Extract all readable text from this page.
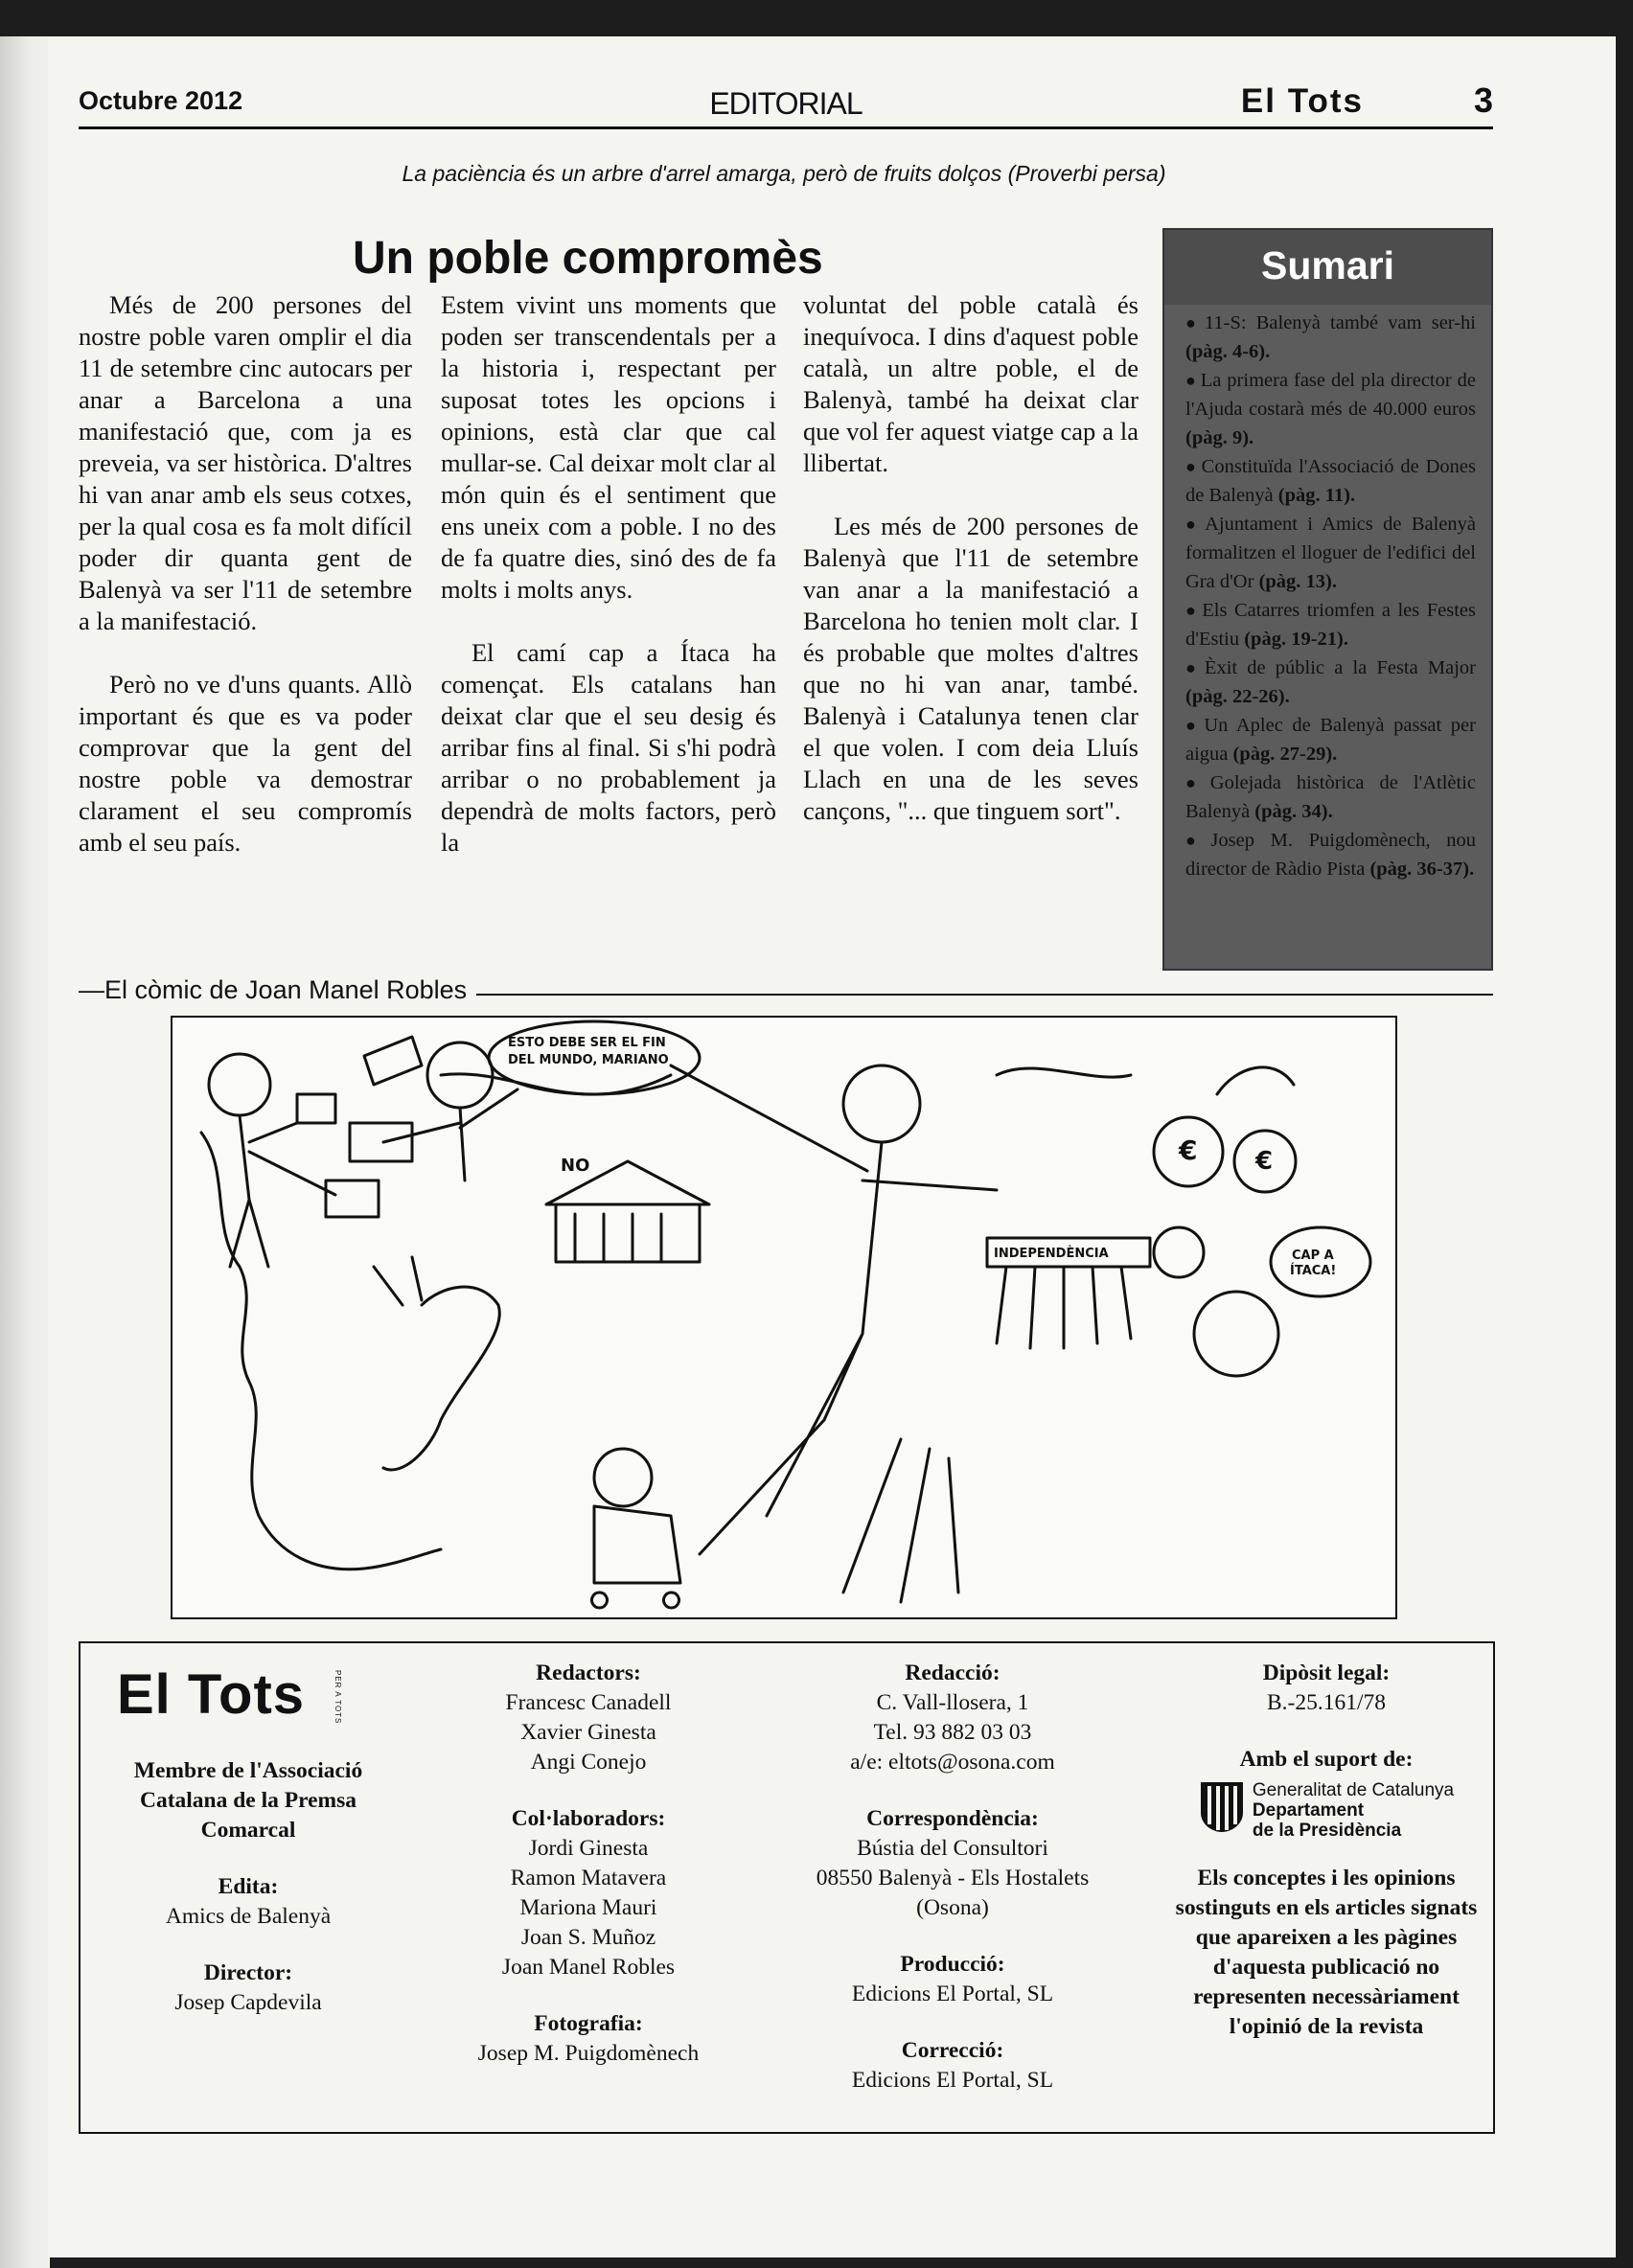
EDITORIAL
Octubre 2012	El Tots	3
La paciència és un arbre d'arrel amarga, però de fruits dolços (Proverbi persa)
Un poble compromès

Més de 200 persones del nostre poble varen omplir el dia 11 de setembre cinc autocars per anar a Barcelona a una manifestació que, com ja es preveia, va ser històrica. D'altres hi van anar amb els seus cotxes, per la qual cosa es fa molt difícil poder dir quanta gent de Balenyà va ser l'11 de setembre a la manifestació.

Però no ve d'uns quants. Allò important és que es va poder comprovar que la gent del nostre poble va demostrar clarament el seu compromís amb el seu país.

Estem vivint uns moments que poden ser transcendentals per a la historia i, respectant per suposat totes les opcions i opinions, està clar que cal mullar-se. Cal deixar molt clar al món quin és el sentiment que ens uneix com a poble. I no des de fa quatre dies, sinó des de fa molts i molts anys.

El camí cap a Ítaca ha començat. Els catalans han deixat clar que el seu desig és arribar fins al final. Si s'hi podrà arribar o no probablement ja dependrà de molts factors, però la

voluntat del poble català és inequívoca. I dins d'aquest poble català, un altre poble, el de Balenyà, també ha deixat clar que vol fer aquest viatge cap a la llibertat.

Les més de 200 persones de Balenyà que l'11 de setembre van anar a la manifestació a Barcelona ho tenien molt clar. I és probable que moltes d'altres que no hi van anar, també. Balenyà i Catalunya tenen clar el que volen. I com deia Lluís Llach en una de les seves cançons, "... que tinguem sort".

Sumari
● 11-S: Balenyà també vam ser-hi (pàg. 4-6).
● La primera fase del pla director de l'Ajuda costarà més de 40.000 euros (pàg. 9).
● Constituïda l'Associació de Dones de Balenyà (pàg. 11).
● Ajuntament i Amics de Balenyà formalitzen el lloguer de l'edifici del Gra d'Or (pàg. 13).
● Els Catarres triomfen a les Festes d'Estiu (pàg. 19-21).
● Èxit de públic a la Festa Major (pàg. 22-26).
● Un Aplec de Balenyà passat per aigua (pàg. 27-29).
● Golejada històrica de l'Atlètic Balenyà (pàg. 34).
● Josep M. Puigdomènech, nou director de Ràdio Pista (pàg. 36-37).
—El còmic de Joan Manel Robles
ESTO DEBE SER EL FIN
DEL MUNDO, MARIANO
NO
INDEPENDÈNCIA	CAP A
ÍTACA!
€ €
El Tots	PER A TOTS
Membre de l'Associació Catalana de la Premsa Comarcal
Edita:
Amics de Balenyà
Director:
Josep Capdevila
Redactors:
Francesc Canadell
Xavier Ginesta
Angi Conejo
Col·laboradors:
Jordi Ginesta
Ramon Matavera
Mariona Mauri
Joan S. Muñoz
Joan Manel Robles
Fotografia:
Josep M. Puigdomènech
Redacció:
C. Vall-llosera, 1
Tel. 93 882 03 03
a/e: eltots@osona.com
Correspondència:
Bústia del Consultori
08550 Balenyà - Els Hostalets
(Osona)
Producció:
Edicions El Portal, SL
Correcció:
Edicions El Portal, SL
Dipòsit legal:
B.-25.161/78
Amb el suport de:
Generalitat de Catalunya
Departament
de la Presidència
Els conceptes i les opinions sostinguts en els articles signats que apareixen a les pàgines d'aquesta publicació no representen necessàriament l'opinió de la revista
